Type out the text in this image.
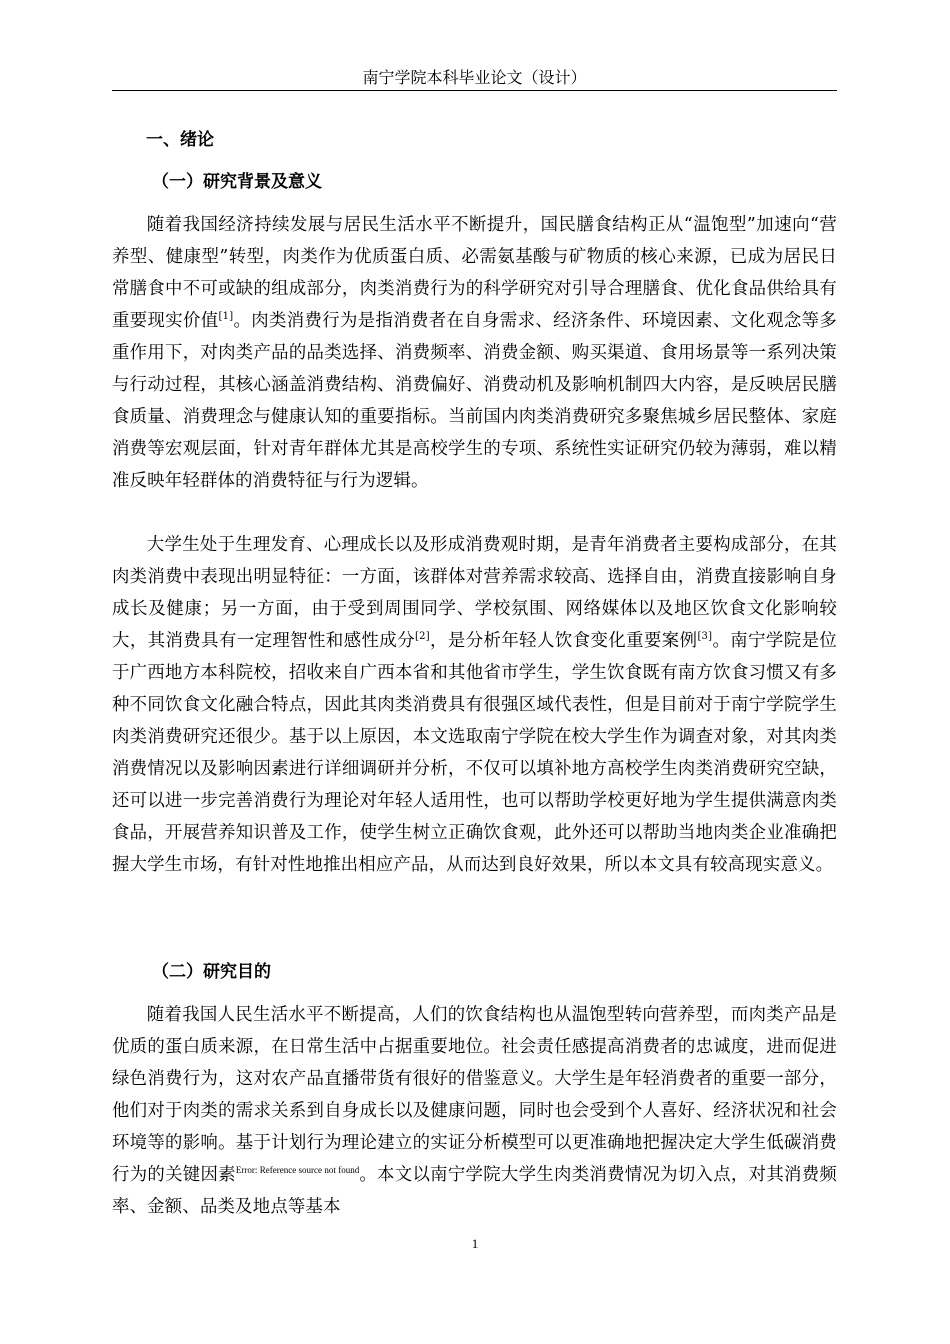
南宁学院本科毕业论文（设计）
一、绪论
（一）研究背景及意义

随着我国经济持续发展与居民生活水平不断提升，国民膳食结构正从“温饱型”加速向“营养型、健康型”转型，肉类作为优质蛋白质、必需氨基酸与矿物质的核心来源，已成为居民日常膳食中不可或缺的组成部分，肉类消费行为的科学研究对引导合理膳食、优化食品供给具有重要现实价值[1]。肉类消费行为是指消费者在自身需求、经济条件、环境因素、文化观念等多重作用下，对肉类产品的品类选择、消费频率、消费金额、购买渠道、食用场景等一系列决策与行动过程，其核心涵盖消费结构、消费偏好、消费动机及影响机制四大内容，是反映居民膳食质量、消费理念与健康认知的重要指标。当前国内肉类消费研究多聚焦城乡居民整体、家庭消费等宏观层面，针对青年群体尤其是高校学生的专项、系统性实证研究仍较为薄弱，难以精准反映年轻群体的消费特征与行为逻辑。

大学生处于生理发育、心理成长以及形成消费观时期，是青年消费者主要构成部分，在其肉类消费中表现出明显特征：一方面，该群体对营养需求较高、选择自由，消费直接影响自身成长及健康；另一方面，由于受到周围同学、学校氛围、网络媒体以及地区饮食文化影响较大，其消费具有一定理智性和感性成分[2]，是分析年轻人饮食变化重要案例[3]。南宁学院是位于广西地方本科院校，招收来自广西本省和其他省市学生，学生饮食既有南方饮食习惯又有多种不同饮食文化融合特点，因此其肉类消费具有很强区域代表性，但是目前对于南宁学院学生肉类消费研究还很少。基于以上原因，本文选取南宁学院在校大学生作为调查对象，对其肉类消费情况以及影响因素进行详细调研并分析，不仅可以填补地方高校学生肉类消费研究空缺，还可以进一步完善消费行为理论对年轻人适用性，也可以帮助学校更好地为学生提供满意肉类食品，开展营养知识普及工作，使学生树立正确饮食观，此外还可以帮助当地肉类企业准确把握大学生市场，有针对性地推出相应产品，从而达到良好效果，所以本文具有较高现实意义。

（二）研究目的

随着我国人民生活水平不断提高，人们的饮食结构也从温饱型转向营养型，而肉类产品是优质的蛋白质来源，在日常生活中占据重要地位。社会责任感提高消费者的忠诚度，进而促进绿色消费行为，这对农产品直播带货有很好的借鉴意义。大学生是年轻消费者的重要一部分，他们对于肉类的需求关系到自身成长以及健康问题，同时也会受到个人喜好、经济状况和社会环境等的影响。基于计划行为理论建立的实证分析模型可以更准确地把握决定大学生低碳消费行为的关键因素$^{Error: Reference source not found}$。本文以南宁学院大学生肉类消费情况为切入点，对其消费频率、金额、品类及地点等基本

1
